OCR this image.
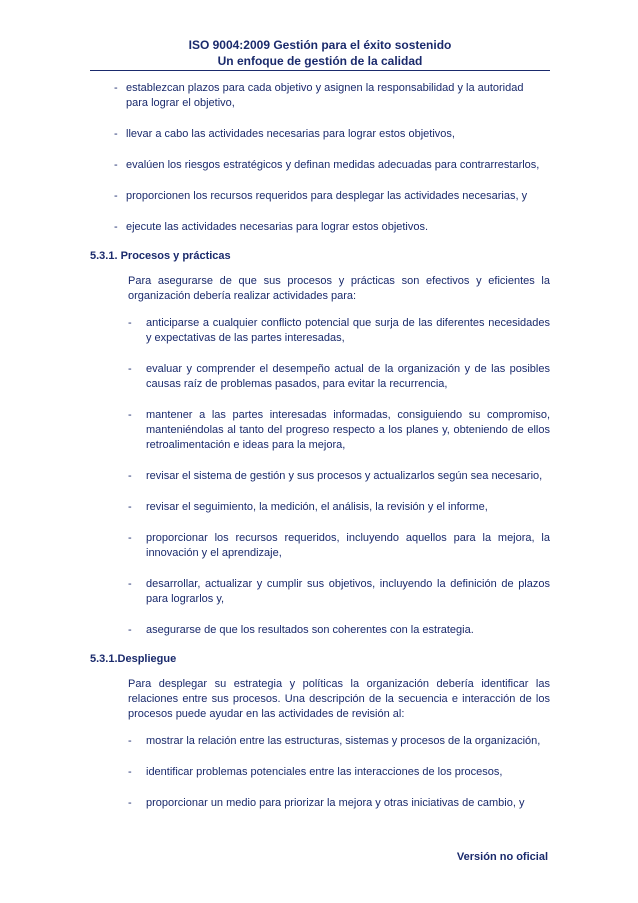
ISO 9004:2009 Gestión para el éxito sostenido
Un enfoque de gestión de la calidad
- establezcan plazos para cada objetivo y asignen la responsabilidad y la autoridad para lograr el objetivo,
- llevar a cabo las actividades necesarias para lograr estos objetivos,
- evalúen los riesgos estratégicos y definan medidas adecuadas para contrarrestarlos,
- proporcionen los recursos requeridos para desplegar las actividades necesarias, y
- ejecute las actividades necesarias para lograr estos objetivos.
5.3.1. Procesos y prácticas

Para asegurarse de que sus procesos y prácticas son efectivos y eficientes la organización debería realizar actividades para:

- anticiparse a cualquier conflicto potencial que surja de las diferentes necesidades y expectativas de las partes interesadas,
- evaluar y comprender el desempeño actual de la organización y de las posibles causas raíz de problemas pasados, para evitar la recurrencia,
- mantener a las partes interesadas informadas, consiguiendo su compromiso, manteniéndolas al tanto del progreso respecto a los planes y, obteniendo de ellos retroalimentación e ideas para la mejora,
- revisar el sistema de gestión y sus procesos y actualizarlos según sea necesario,
- revisar el seguimiento, la medición, el análisis, la revisión y el informe,
- proporcionar los recursos requeridos, incluyendo aquellos para la mejora, la innovación y el aprendizaje,
- desarrollar, actualizar y cumplir sus objetivos, incluyendo la definición de plazos para lograrlos y,
- asegurarse de que los resultados son coherentes con la estrategia.
5.3.1.Despliegue

Para desplegar su estrategia y políticas la organización debería identificar las relaciones entre sus procesos. Una descripción de la secuencia e interacción de los procesos puede ayudar en las actividades de revisión al:

- mostrar la relación entre las estructuras, sistemas y procesos de la organización,
- identificar problemas potenciales entre las interacciones de los procesos,
- proporcionar un medio para priorizar la mejora y otras iniciativas de cambio, y
Versión no oficial
